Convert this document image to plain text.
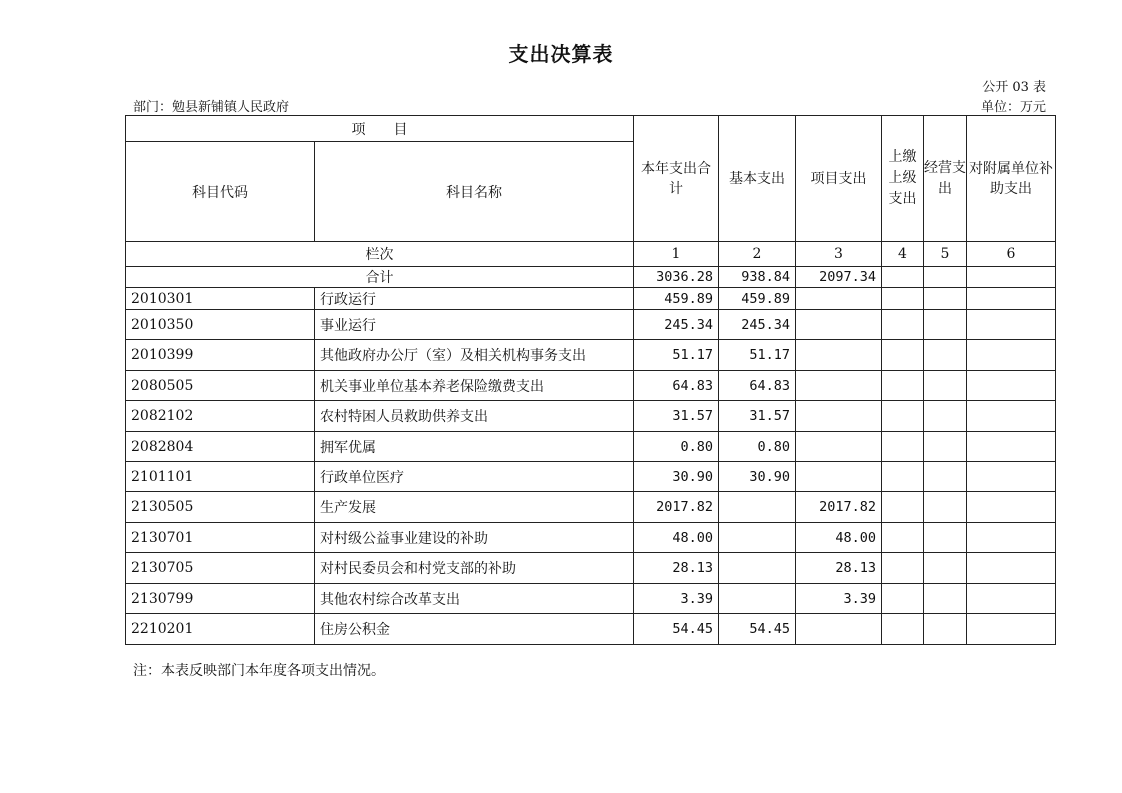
支出决算表
公开 03 表
部门：勉县新铺镇人民政府	单位：万元
项　　目		本年支出合计	基本支出	项目支出	上缴上级支出	经营支出	对附属单位补助支出
科目代码	科目名称						
栏次		1	2	3	4	5	6
合计		3036.28	938.84	2097.34			
2010301	行政运行	459.89	459.89				
2010350	事业运行	245.34	245.34				
2010399	其他政府办公厅（室）及相关机构事务支出	51.17	51.17				
2080505	机关事业单位基本养老保险缴费支出	64.83	64.83				
2082102	农村特困人员救助供养支出	31.57	31.57				
2082804	拥军优属	0.80	0.80				
2101101	行政单位医疗	30.90	30.90				
2130505	生产发展	2017.82		2017.82			
2130701	对村级公益事业建设的补助	48.00		48.00			
2130705	对村民委员会和村党支部的补助	28.13		28.13			
2130799	其他农村综合改革支出	3.39		3.39			
2210201	住房公积金	54.45	54.45				
注：本表反映部门本年度各项支出情况。
